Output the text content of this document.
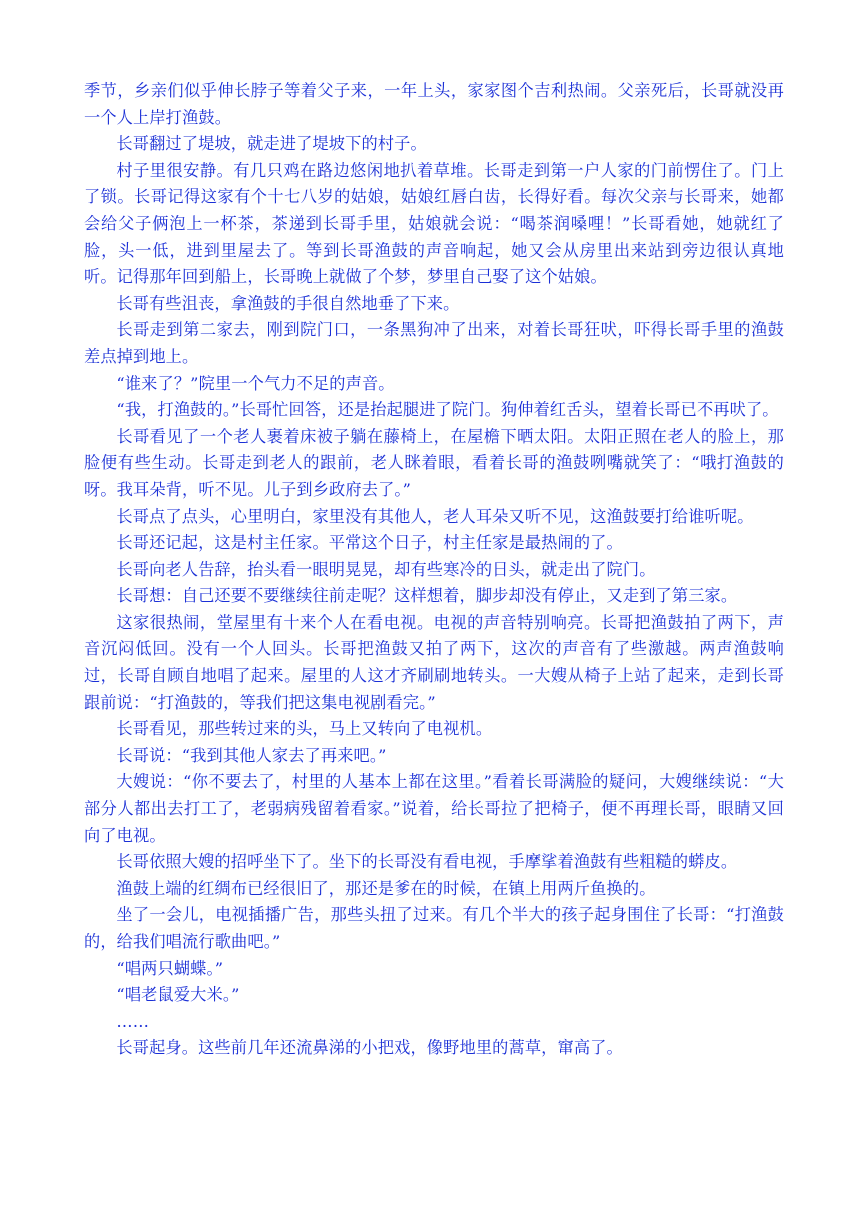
季节，乡亲们似乎伸长脖子等着父子来，一年上头，家家图个吉利热闹。父亲死后，长哥就没再一个人上岸打渔鼓。

长哥翻过了堤坡，就走进了堤坡下的村子。

村子里很安静。有几只鸡在路边悠闲地扒着草堆。长哥走到第一户人家的门前愣住了。门上了锁。长哥记得这家有个十七八岁的姑娘，姑娘红唇白齿，长得好看。每次父亲与长哥来，她都会给父子俩泡上一杯茶，茶递到长哥手里，姑娘就会说：“喝茶润嗓哩！”长哥看她，她就红了脸，头一低，进到里屋去了。等到长哥渔鼓的声音响起，她又会从房里出来站到旁边很认真地听。记得那年回到船上，长哥晚上就做了个梦，梦里自己娶了这个姑娘。

长哥有些沮丧，拿渔鼓的手很自然地垂了下来。

长哥走到第二家去，刚到院门口，一条黑狗冲了出来，对着长哥狂吠，吓得长哥手里的渔鼓差点掉到地上。

“谁来了？”院里一个气力不足的声音。

“我，打渔鼓的。”长哥忙回答，还是抬起腿进了院门。狗伸着红舌头，望着长哥已不再吠了。

长哥看见了一个老人裹着床被子躺在藤椅上，在屋檐下晒太阳。太阳正照在老人的脸上，那脸便有些生动。长哥走到老人的跟前，老人眯着眼，看着长哥的渔鼓咧嘴就笑了：“哦打渔鼓的呀。我耳朵背，听不见。儿子到乡政府去了。”

长哥点了点头，心里明白，家里没有其他人，老人耳朵又听不见，这渔鼓要打给谁听呢。

长哥还记起，这是村主任家。平常这个日子，村主任家是最热闹的了。

长哥向老人告辞，抬头看一眼明晃晃，却有些寒冷的日头，就走出了院门。

长哥想：自己还要不要继续往前走呢？这样想着，脚步却没有停止，又走到了第三家。

这家很热闹，堂屋里有十来个人在看电视。电视的声音特别响亮。长哥把渔鼓拍了两下，声音沉闷低回。没有一个人回头。长哥把渔鼓又拍了两下，这次的声音有了些激越。两声渔鼓响过，长哥自顾自地唱了起来。屋里的人这才齐刷刷地转头。一大嫂从椅子上站了起来，走到长哥跟前说：“打渔鼓的，等我们把这集电视剧看完。”

长哥看见，那些转过来的头，马上又转向了电视机。

长哥说：“我到其他人家去了再来吧。”

大嫂说：“你不要去了，村里的人基本上都在这里。”看着长哥满脸的疑问，大嫂继续说：“大部分人都出去打工了，老弱病残留着看家。”说着，给长哥拉了把椅子，便不再理长哥，眼睛又回向了电视。

长哥依照大嫂的招呼坐下了。坐下的长哥没有看电视，手摩挲着渔鼓有些粗糙的蟒皮。

渔鼓上端的红绸布已经很旧了，那还是爹在的时候，在镇上用两斤鱼换的。

坐了一会儿，电视插播广告，那些头扭了过来。有几个半大的孩子起身围住了长哥：“打渔鼓的，给我们唱流行歌曲吧。”

“唱两只蝴蝶。”

“唱老鼠爱大米。”

……

长哥起身。这些前几年还流鼻涕的小把戏，像野地里的蒿草，窜高了。
